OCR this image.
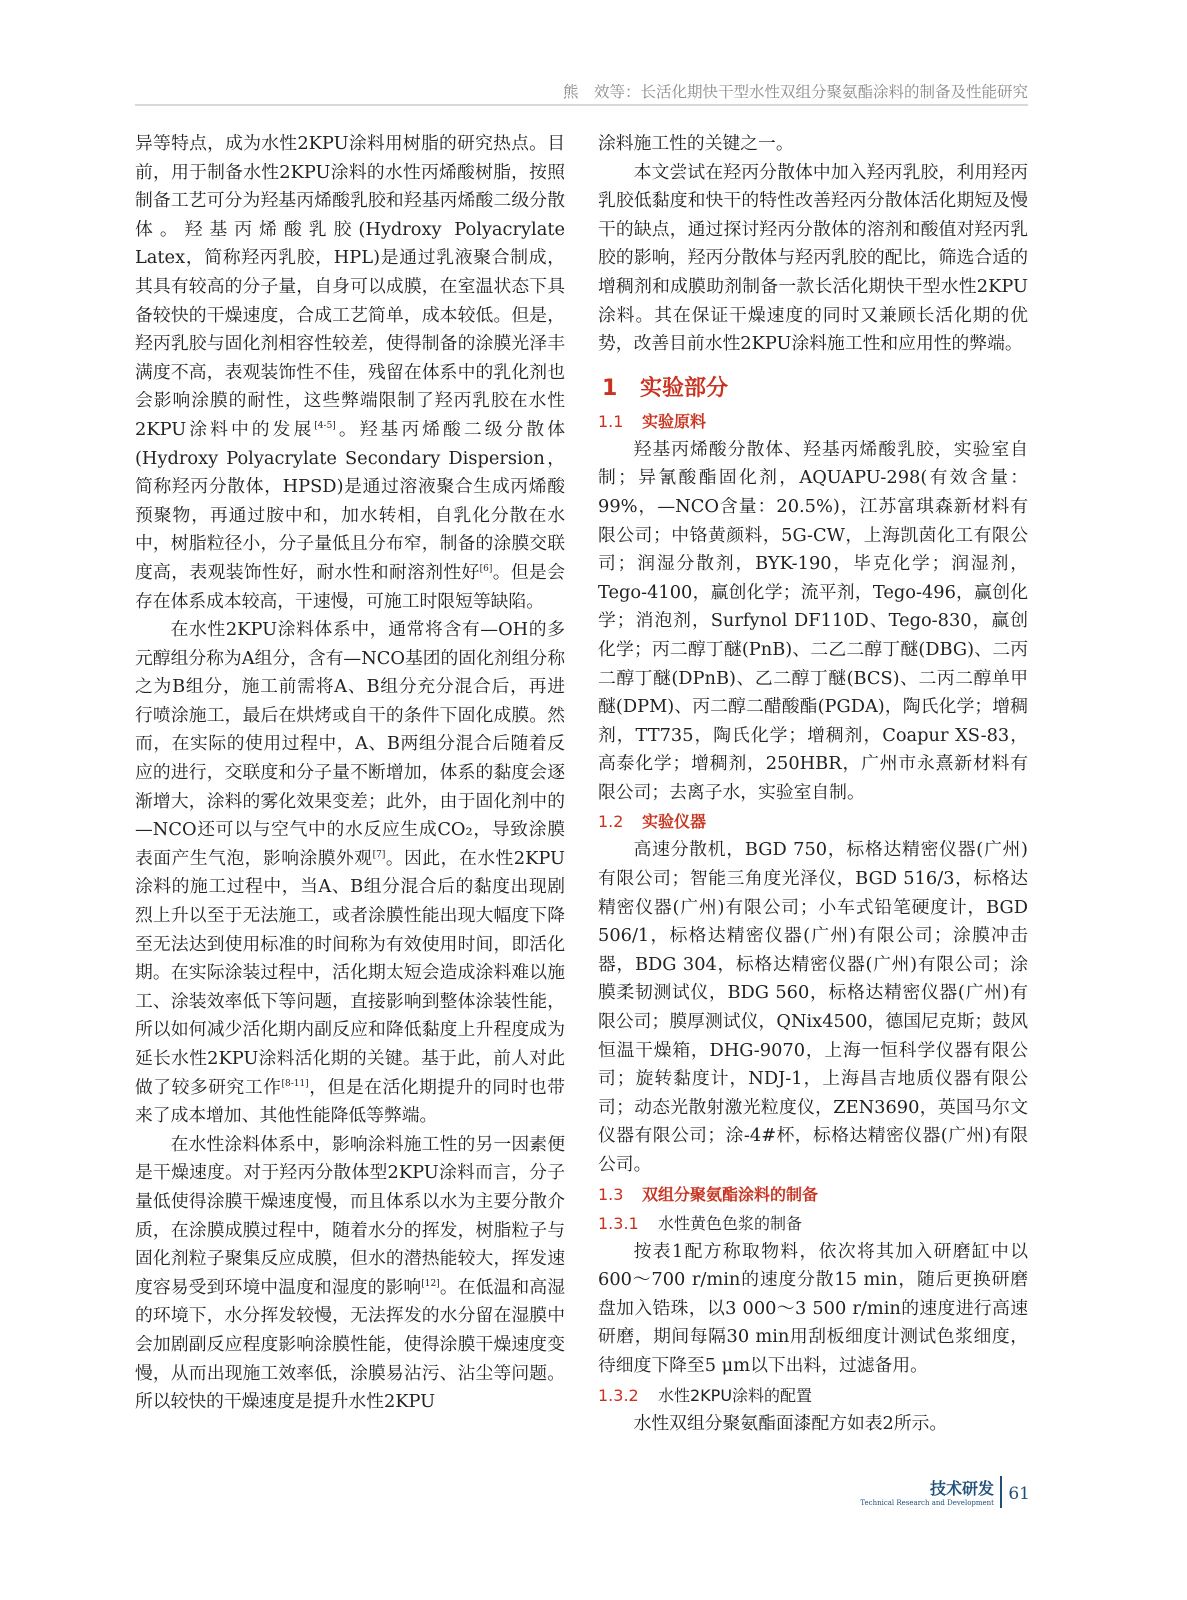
熊　效等：长活化期快干型水性双组分聚氨酯涂料的制备及性能研究

异等特点，成为水性2KPU涂料用树脂的研究热点。目前，用于制备水性2KPU涂料的水性丙烯酸树脂，按照制备工艺可分为羟基丙烯酸乳胶和羟基丙烯酸二级分散体。羟基丙烯酸乳胶(Hydroxy Polyacrylate Latex，简称羟丙乳胶，HPL)是通过乳液聚合制成，其具有较高的分子量，自身可以成膜，在室温状态下具备较快的干燥速度，合成工艺简单，成本较低。但是，羟丙乳胶与固化剂相容性较差，使得制备的涂膜光泽丰满度不高，表观装饰性不佳，残留在体系中的乳化剂也会影响涂膜的耐性，这些弊端限制了羟丙乳胶在水性2KPU涂料中的发展[4-5]。羟基丙烯酸二级分散体(Hydroxy Polyacrylate Secondary Dispersion，简称羟丙分散体，HPSD)是通过溶液聚合生成丙烯酸预聚物，再通过胺中和，加水转相，自乳化分散在水中，树脂粒径小，分子量低且分布窄，制备的涂膜交联度高，表观装饰性好，耐水性和耐溶剂性好[6]。但是会存在体系成本较高，干速慢，可施工时限短等缺陷。

在水性2KPU涂料体系中，通常将含有—OH的多元醇组分称为A组分，含有—NCO基团的固化剂组分称之为B组分，施工前需将A、B组分充分混合后，再进行喷涂施工，最后在烘烤或自干的条件下固化成膜。然而，在实际的使用过程中，A、B两组分混合后随着反应的进行，交联度和分子量不断增加，体系的黏度会逐渐增大，涂料的雾化效果变差；此外，由于固化剂中的—NCO还可以与空气中的水反应生成CO₂，导致涂膜表面产生气泡，影响涂膜外观[7]。因此，在水性2KPU涂料的施工过程中，当A、B组分混合后的黏度出现剧烈上升以至于无法施工，或者涂膜性能出现大幅度下降至无法达到使用标准的时间称为有效使用时间，即活化期。在实际涂装过程中，活化期太短会造成涂料难以施工、涂装效率低下等问题，直接影响到整体涂装性能，所以如何减少活化期内副反应和降低黏度上升程度成为延长水性2KPU涂料活化期的关键。基于此，前人对此做了较多研究工作[8-11]，但是在活化期提升的同时也带来了成本增加、其他性能降低等弊端。

在水性涂料体系中，影响涂料施工性的另一因素便是干燥速度。对于羟丙分散体型2KPU涂料而言，分子量低使得涂膜干燥速度慢，而且体系以水为主要分散介质，在涂膜成膜过程中，随着水分的挥发，树脂粒子与固化剂粒子聚集反应成膜，但水的潜热能较大，挥发速度容易受到环境中温度和湿度的影响[12]。在低温和高湿的环境下，水分挥发较慢，无法挥发的水分留在湿膜中会加剧副反应程度影响涂膜性能，使得涂膜干燥速度变慢，从而出现施工效率低，涂膜易沾污、沾尘等问题。所以较快的干燥速度是提升水性2KPU

涂料施工性的关键之一。

本文尝试在羟丙分散体中加入羟丙乳胶，利用羟丙乳胶低黏度和快干的特性改善羟丙分散体活化期短及慢干的缺点，通过探讨羟丙分散体的溶剂和酸值对羟丙乳胶的影响，羟丙分散体与羟丙乳胶的配比，筛选合适的增稠剂和成膜助剂制备一款长活化期快干型水性2KPU涂料。其在保证干燥速度的同时又兼顾长活化期的优势，改善目前水性2KPU涂料施工性和应用性的弊端。

1 实验部分
1.1 实验原料

羟基丙烯酸分散体、羟基丙烯酸乳胶，实验室自制；异氰酸酯固化剂，AQUAPU-298(有效含量：99%，—NCO含量：20.5%)，江苏富琪森新材料有限公司；中铬黄颜料，5G-CW，上海凯茵化工有限公司；润湿分散剂，BYK-190，毕克化学；润湿剂，Tego-4100，赢创化学；流平剂，Tego-496，赢创化学；消泡剂，Surfynol DF110D、Tego-830，赢创化学；丙二醇丁醚(PnB)、二乙二醇丁醚(DBG)、二丙二醇丁醚(DPnB)、乙二醇丁醚(BCS)、二丙二醇单甲醚(DPM)、丙二醇二醋酸酯(PGDA)，陶氏化学；增稠剂，TT735，陶氏化学；增稠剂，Coapur XS-83，高泰化学；增稠剂，250HBR，广州市永熹新材料有限公司；去离子水，实验室自制。

1.2 实验仪器

高速分散机，BGD 750，标格达精密仪器(广州)有限公司；智能三角度光泽仪，BGD 516/3，标格达精密仪器(广州)有限公司；小车式铅笔硬度计，BGD 506/1，标格达精密仪器(广州)有限公司；涂膜冲击器，BDG 304，标格达精密仪器(广州)有限公司；涂膜柔韧测试仪，BDG 560，标格达精密仪器(广州)有限公司；膜厚测试仪，QNix4500，德国尼克斯；鼓风恒温干燥箱，DHG-9070，上海一恒科学仪器有限公司；旋转黏度计，NDJ-1，上海昌吉地质仪器有限公司；动态光散射激光粒度仪，ZEN3690，英国马尔文仪器有限公司；涂-4#杯，标格达精密仪器(广州)有限公司。

1.3 双组分聚氨酯涂料的制备
1.3.1 水性黄色色浆的制备

按表1配方称取物料，依次将其加入研磨缸中以600～700 r/min的速度分散15 min，随后更换研磨盘加入锆珠，以3 000～3 500 r/min的速度进行高速研磨，期间每隔30 min用刮板细度计测试色浆细度，待细度下降至5 μm以下出料，过滤备用。

1.3.2 水性2KPU涂料的配置

水性双组分聚氨酯面漆配方如表2所示。

技术研发
Technical Research and Development 61
